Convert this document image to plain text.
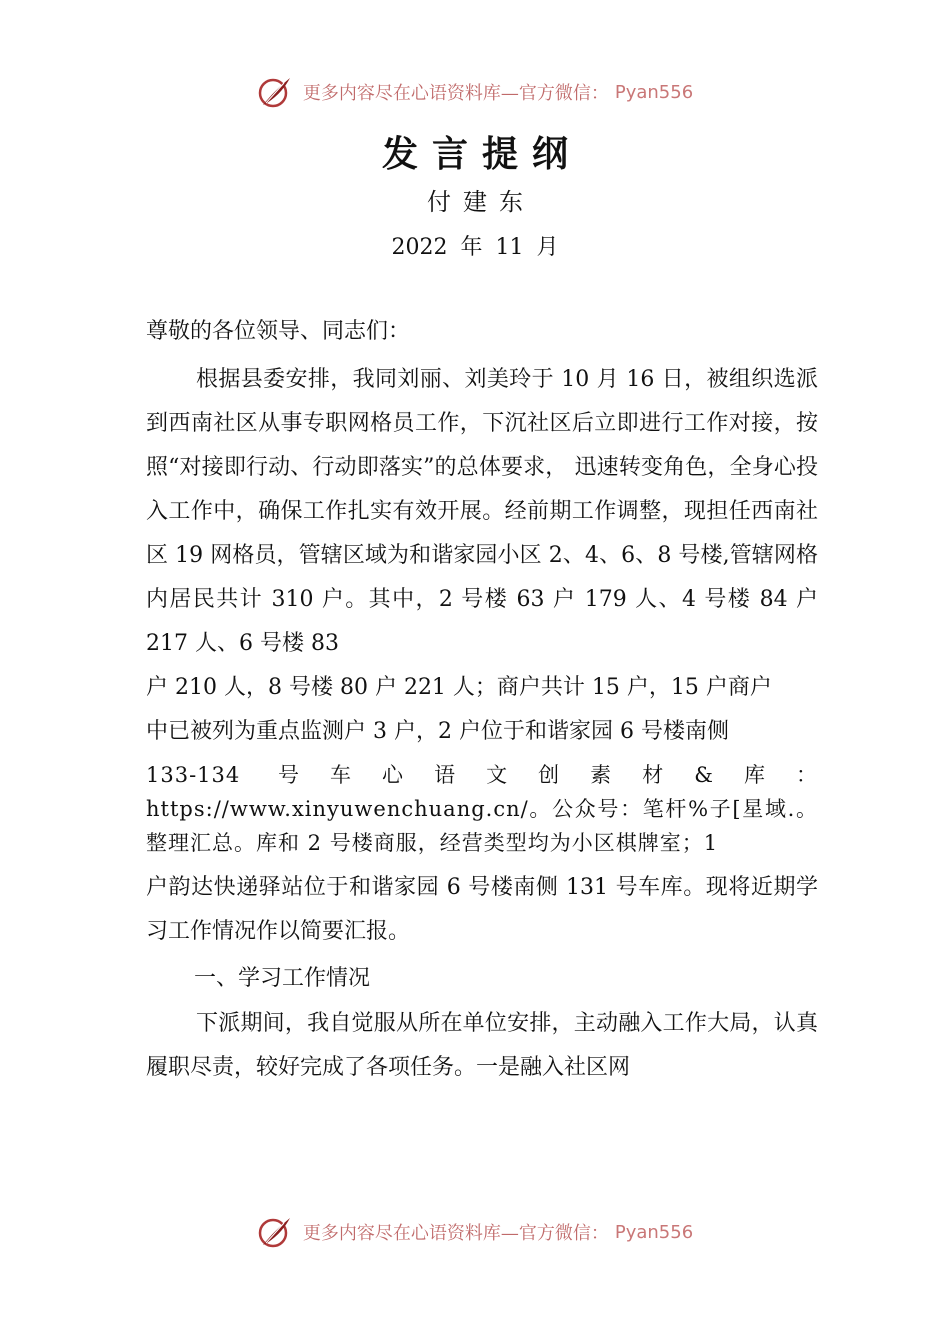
更多内容尽在心语资料库—官方微信： Pyan556
发言提纲
付建东
2022 年 11 月

尊敬的各位领导、同志们：

根据县委安排，我同刘丽、刘美玲于 10 月 16 日，被组织选派到西南社区从事专职网格员工作，下沉社区后立即进行工作对接，按照“对接即行动、行动即落实”的总体要求， 迅速转变角色，全身心投入工作中，确保工作扎实有效开展。经前期工作调整，现担任西南社区 19 网格员，管辖区域为和谐家园小区 2、4、6、8 号楼,管辖网格内居民共计 310 户。其中，2 号楼 63 户 179 人、4 号楼 84 户 217 人、6 号楼 83

户 210 人，8 号楼 80 户 221 人；商户共计 15 户，15 户商户

中已被列为重点监测户 3 户，2 户位于和谐家园 6 号楼南侧

133-134 号车心语文创素材&库：https://www.xinyuwenchuang.cn/。公众号：笔杆%子[星域.。整理汇总。库和 2 号楼商服，经营类型均为小区棋牌室；1

户韵达快递驿站位于和谐家园 6 号楼南侧 131 号车库。现将近期学习工作情况作以简要汇报。

一、学习工作情况

下派期间，我自觉服从所在单位安排，主动融入工作大局，认真履职尽责，较好完成了各项任务。一是融入社区网

更多内容尽在心语资料库—官方微信： Pyan556
